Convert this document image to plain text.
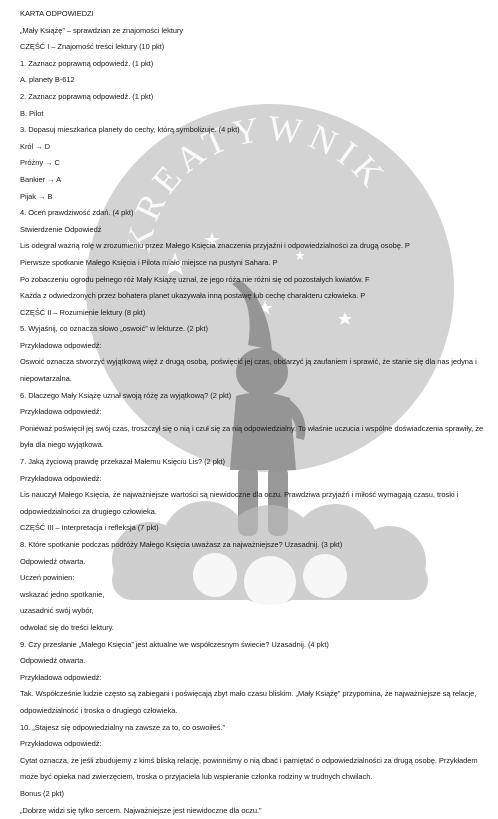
KREATYWNIK
KARTA ODPOWIEDZI
„Mały Książę” – sprawdzian ze znajomości lektury
CZĘŚĆ I – Znajomość treści lektury (10 pkt)
1. Zaznacz poprawną odpowiedź. (1 pkt)
A. planety B-612
2. Zaznacz poprawną odpowiedź. (1 pkt)
B. Pilot
3. Dopasuj mieszkańca planety do cechy, którą symbolizuje. (4 pkt)
Król → D
Próżny → C
Bankier → A
Pijak → B
4. Oceń prawdziwość zdań. (4 pkt)
Stwierdzenie Odpowiedź
Lis odegrał ważną rolę w zrozumieniu przez Małego Księcia znaczenia przyjaźni i odpowiedzialności za drugą osobę. P
Pierwsze spotkanie Małego Księcia i Pilota miało miejsce na pustyni Sahara. P
Po zobaczeniu ogrodu pełnego róż Mały Książę uznał, że jego róża nie różni się od pozostałych kwiatów. F
Każda z odwiedzonych przez bohatera planet ukazywała inną postawę lub cechę charakteru człowieka. P
CZĘŚĆ II – Rozumienie lektury (8 pkt)
5. Wyjaśnij, co oznacza słowo „oswoić” w lekturze. (2 pkt)
Przykładowa odpowiedź:
Oswoić oznacza stworzyć wyjątkową więź z drugą osobą, poświęcić jej czas, obdarzyć ją zaufaniem i sprawić, że stanie się dla nas jedyna i niepowtarzalna.
6. Dlaczego Mały Książę uznał swoją różę za wyjątkową? (2 pkt)
Przykładowa odpowiedź:
Ponieważ poświęcił jej swój czas, troszczył się o nią i czuł się za nią odpowiedzialny. To właśnie uczucia i wspólne doświadczenia sprawiły, że była dla niego wyjątkowa.
7. Jaką życiową prawdę przekazał Małemu Księciu Lis? (2 pkt)
Przykładowa odpowiedź:
Lis nauczył Małego Księcia, że najważniejsze wartości są niewidoczne dla oczu. Prawdziwa przyjaźń i miłość wymagają czasu, troski i odpowiedzialności za drugiego człowieka.
CZĘŚĆ III – Interpretacja i refleksja (7 pkt)
8. Które spotkanie podczas podróży Małego Księcia uważasz za najważniejsze? Uzasadnij. (3 pkt)
Odpowiedź otwarta.
Uczeń powinien:
wskazać jedno spotkanie,
uzasadnić swój wybór,
odwołać się do treści lektury.
9. Czy przesłanie „Małego Księcia” jest aktualne we współczesnym świecie? Uzasadnij. (4 pkt)
Odpowiedź otwarta.
Przykładowa odpowiedź:
Tak. Współcześnie ludzie często są zabiegani i poświęcają zbyt mało czasu bliskim. „Mały Książę” przypomina, że najważniejsze są relacje, odpowiedzialność i troska o drugiego człowieka.
10. „Stajesz się odpowiedzialny na zawsze za to, co oswoiłeś.”
Przykładowa odpowiedź:
Cytat oznacza, że jeśli zbudujemy z kimś bliską relację, powinniśmy o nią dbać i pamiętać o odpowiedzialności za drugą osobę. Przykładem może być opieka nad zwierzęciem, troska o przyjaciela lub wspieranie członka rodziny w trudnych chwilach.
Bonus (2 pkt)
„Dobrze widzi się tylko sercem. Najważniejsze jest niewidoczne dla oczu.”
